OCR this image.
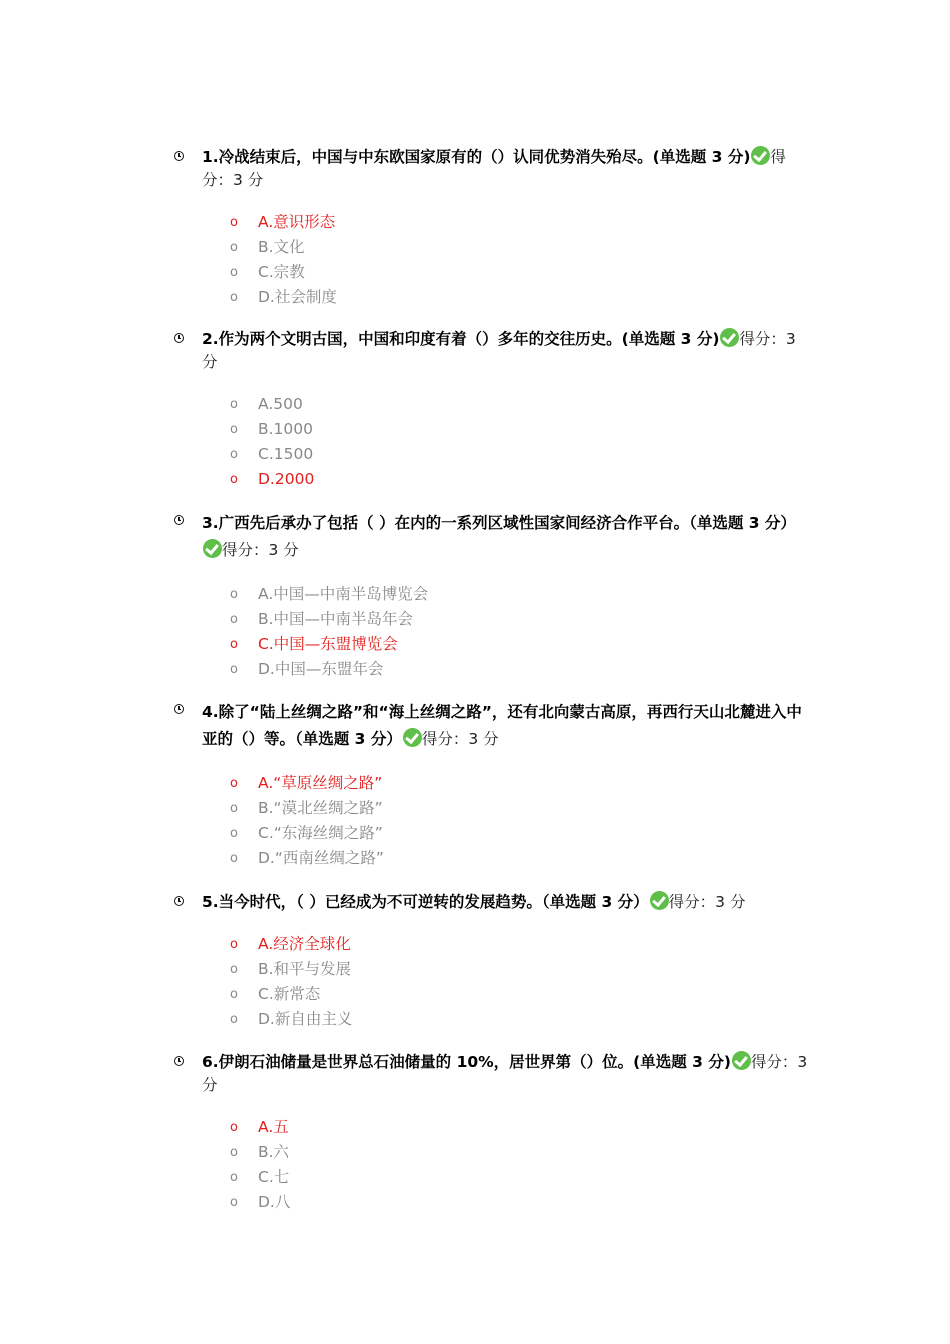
1.冷战结束后，中国与中东欧国家原有的（）认同优势消失殆尽。(单选题 3 分) 得分：3 分
o A.意识形态
o B.文化
o C.宗教
o D.社会制度
2.作为两个文明古国，中国和印度有着（）多年的交往历史。(单选题 3 分) 得分：3 分
o A.500
o B.1000
o C.1500
o D.2000
3.广西先后承办了包括（ ）在内的一系列区域性国家间经济合作平台。（单选题 3 分）得分：3 分
o A.中国—中南半岛博览会
o B.中国—中南半岛年会
o C.中国—东盟博览会
o D.中国—东盟年会
4.除了“陆上丝绸之路”和“海上丝绸之路”，还有北向蒙古高原，再西行天山北麓进入中亚的（）等。（单选题 3 分） 得分：3 分
o A.“草原丝绸之路”
o B.“漠北丝绸之路”
o C.“东海丝绸之路”
o D.“西南丝绸之路”
5.当今时代，（ ）已经成为不可逆转的发展趋势。（单选题 3 分） 得分：3 分
o A.经济全球化
o B.和平与发展
o C.新常态
o D.新自由主义
6.伊朗石油储量是世界总石油储量的 10%，居世界第（）位。(单选题 3 分) 得分：3 分
o A.五
o B.六
o C.七
o D.八
